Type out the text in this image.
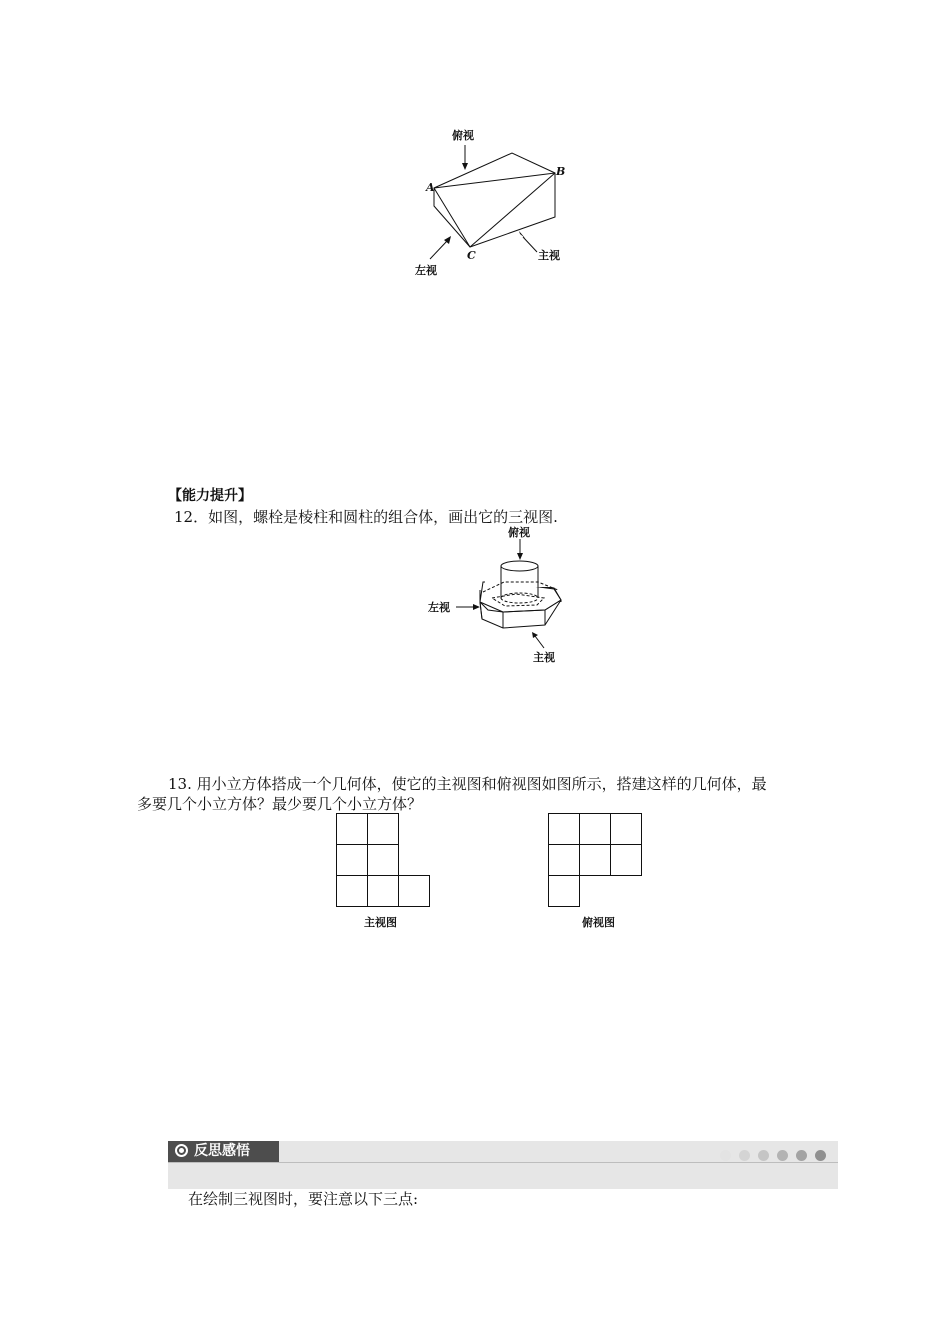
俯视
左视
主视
A
B
C
【能力提升】
12．如图，螺栓是棱柱和圆柱的组合体，画出它的三视图.
俯视
左视
主视
13. 用小立方体搭成一个几何体，使它的主视图和俯视图如图所示，搭建这样的几何体，最
多要几个小立方体？最少要几个小立方体？
主视图	俯视图
反思感悟
在绘制三视图时，要注意以下三点:
